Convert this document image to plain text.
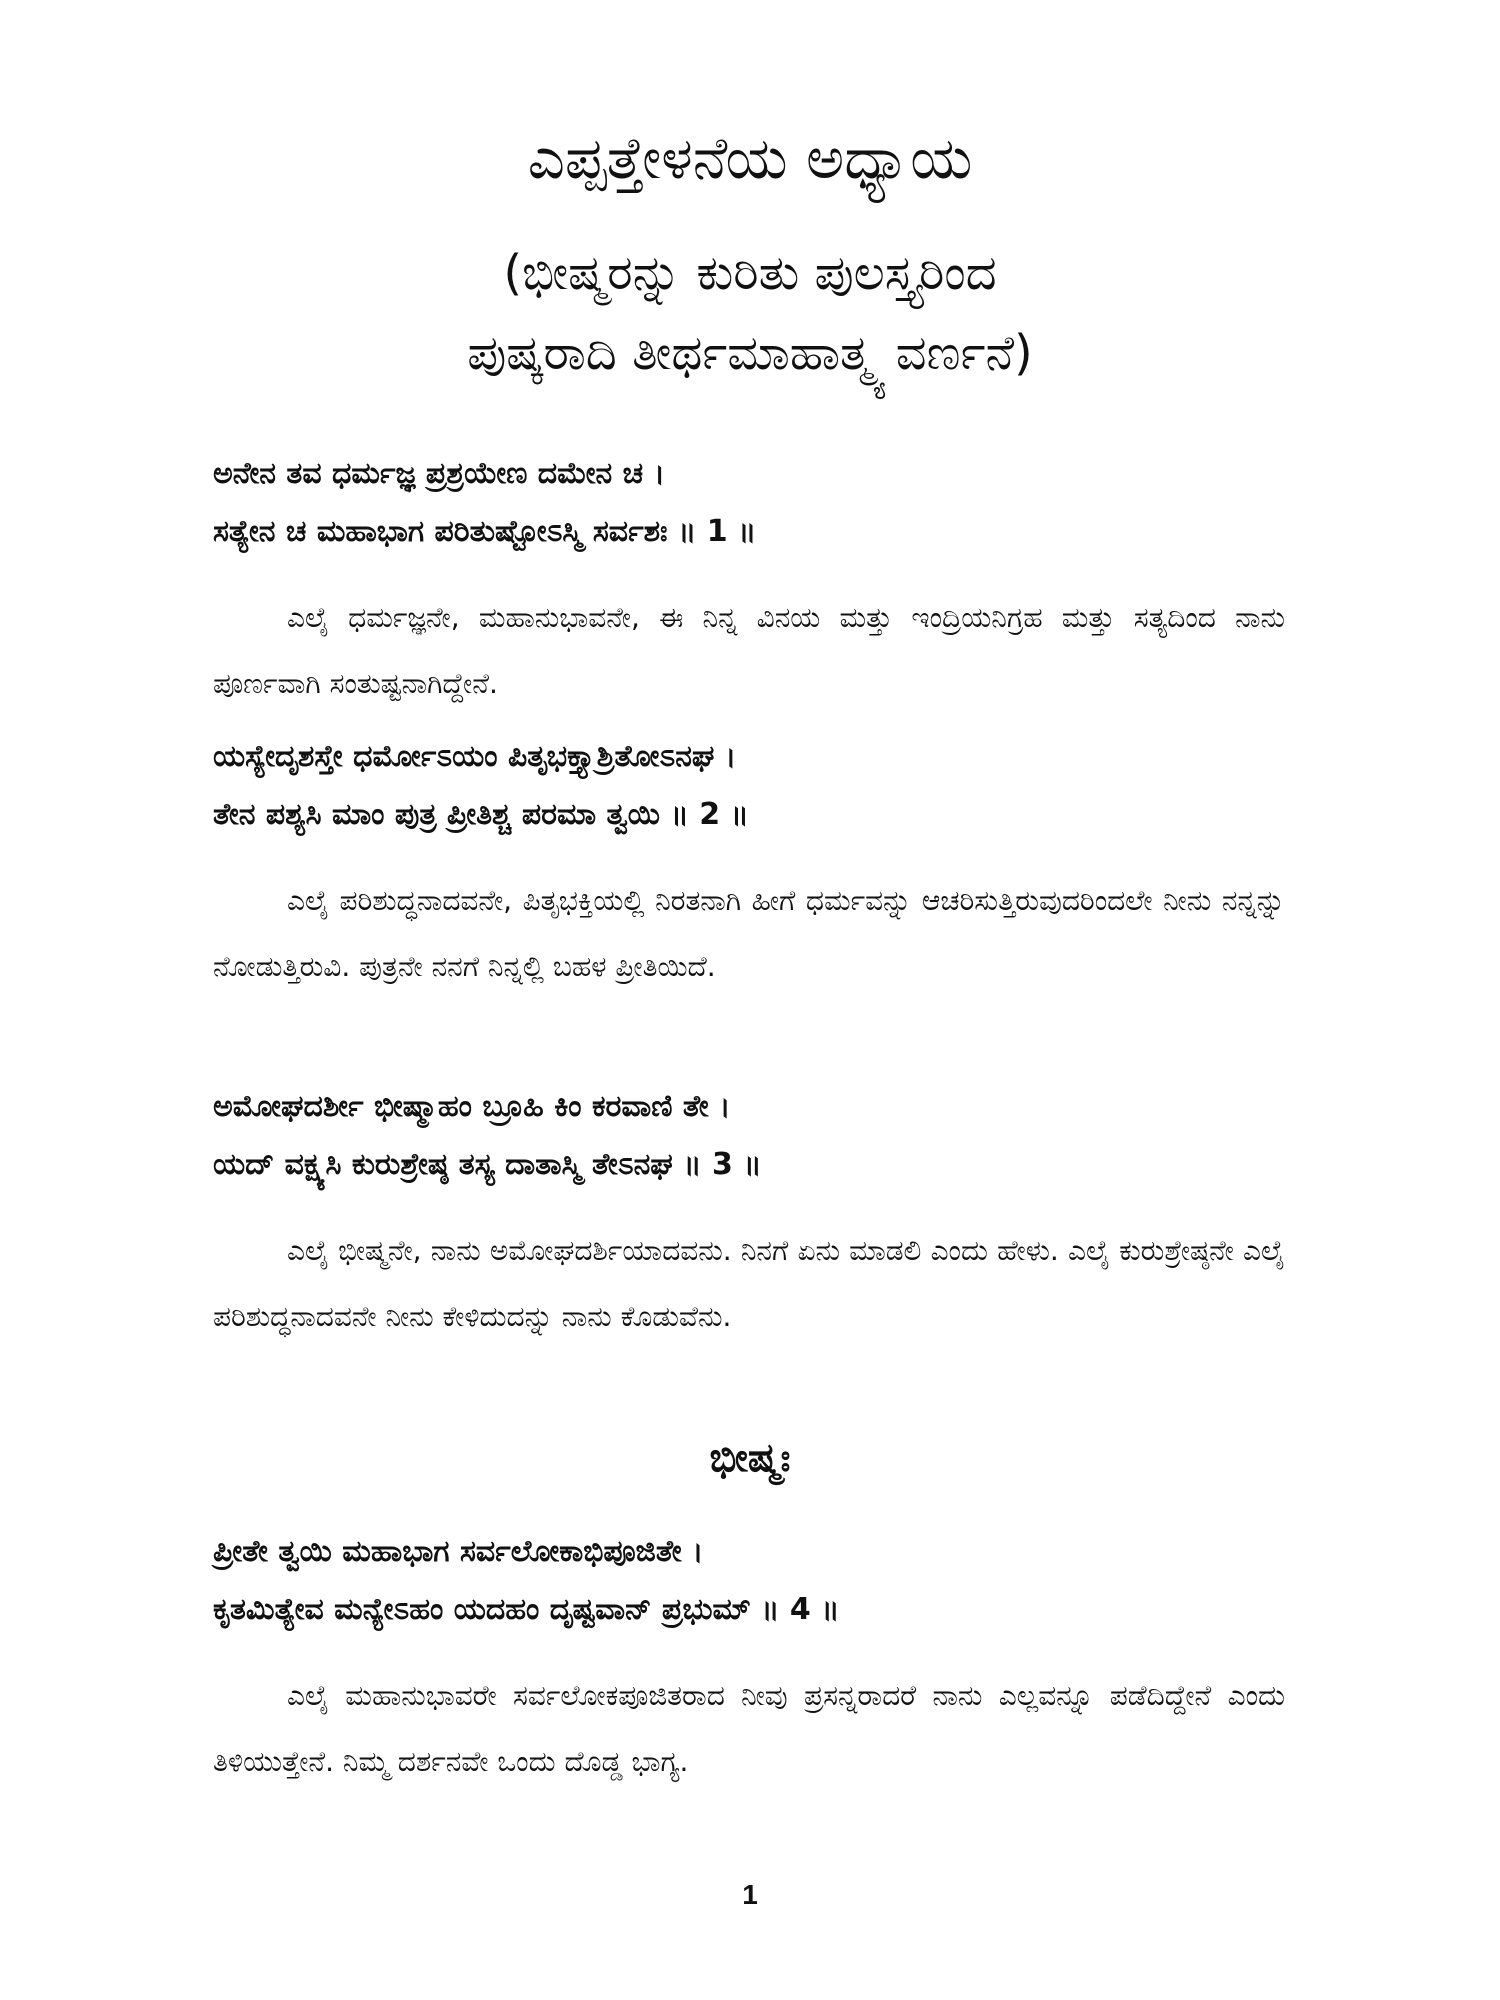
ಎಪ್ಪತ್ತೇಳನೆಯ ಅಧ್ಯಾಯ
(ಭೀಷ್ಮರನ್ನು ಕುರಿತು ಪುಲಸ್ತ್ಯರಿಂದ
ಪುಷ್ಕರಾದಿ ತೀರ್ಥಮಾಹಾತ್ಮ್ಯ ವರ್ಣನೆ)
ಅನೇನ ತವ ಧರ್ಮಜ್ಞ ಪ್ರಶ್ರಯೇಣ ದಮೇನ ಚ ।
ಸತ್ಯೇನ ಚ ಮಹಾಭಾಗ ಪರಿತುಷ್ಟೋಽಸ್ಮಿ ಸರ್ವಶಃ ॥ 1 ॥
ಎಲೈ ಧರ್ಮಜ್ಞನೇ, ಮಹಾನುಭಾವನೇ, ಈ ನಿನ್ನ ವಿನಯ ಮತ್ತು ಇಂದ್ರಿಯನಿಗ್ರಹ ಮತ್ತು ಸತ್ಯದಿಂದ ನಾನು ಪೂರ್ಣವಾಗಿ ಸಂತುಷ್ಟನಾಗಿದ್ದೇನೆ.
ಯಸ್ಯೇದೃಶಸ್ತೇ ಧರ್ಮೋಽಯಂ ಪಿತೃಭಕ್ತ್ಯಾಶ್ರಿತೋಽನಘ ।
ತೇನ ಪಶ್ಯಸಿ ಮಾಂ ಪುತ್ರ ಪ್ರೀತಿಶ್ಚ ಪರಮಾ ತ್ವಯಿ ॥ 2 ॥
ಎಲೈ ಪರಿಶುದ್ಧನಾದವನೇ, ಪಿತೃಭಕ್ತಿಯಲ್ಲಿ ನಿರತನಾಗಿ ಹೀಗೆ ಧರ್ಮವನ್ನು ಆಚರಿಸುತ್ತಿರುವುದರಿಂದಲೇ ನೀನು ನನ್ನನ್ನು ನೋಡುತ್ತಿರುವಿ. ಪುತ್ರನೇ ನನಗೆ ನಿನ್ನಲ್ಲಿ ಬಹಳ ಪ್ರೀತಿಯಿದೆ.
ಅಮೋಘದರ್ಶೀ ಭೀಷ್ಮಾಹಂ ಬ್ರೂಹಿ ಕಿಂ ಕರವಾಣಿ ತೇ ।
ಯದ್ ವಕ್ಷ್ಯಸಿ ಕುರುಶ್ರೇಷ್ಠ ತಸ್ಯ ದಾತಾಸ್ಮಿ ತೇಽನಘ ॥ 3 ॥
ಎಲೈ ಭೀಷ್ಮನೇ, ನಾನು ಅಮೋಘದರ್ಶಿಯಾದವನು. ನಿನಗೆ ಏನು ಮಾಡಲಿ ಎಂದು ಹೇಳು. ಎಲೈ ಕುರುಶ್ರೇಷ್ಠನೇ ಎಲೈ ಪರಿಶುದ್ಧನಾದವನೇ ನೀನು ಕೇಳಿದುದನ್ನು ನಾನು ಕೊಡುವೆನು.
ಭೀಷ್ಮಃ
ಪ್ರೀತೇ ತ್ವಯಿ ಮಹಾಭಾಗ ಸರ್ವಲೋಕಾಭಿಪೂಜಿತೇ ।
ಕೃತಮಿತ್ಯೇವ ಮನ್ಯೇಽಹಂ ಯದಹಂ ದೃಷ್ಟವಾನ್ ಪ್ರಭುಮ್ ॥ 4 ॥
ಎಲೈ ಮಹಾನುಭಾವರೇ ಸರ್ವಲೋಕಪೂಜಿತರಾದ ನೀವು ಪ್ರಸನ್ನರಾದರೆ ನಾನು ಎಲ್ಲವನ್ನೂ ಪಡೆದಿದ್ದೇನೆ ಎಂದು ತಿಳಿಯುತ್ತೇನೆ. ನಿಮ್ಮ ದರ್ಶನವೇ ಒಂದು ದೊಡ್ಡ ಭಾಗ್ಯ.
1
